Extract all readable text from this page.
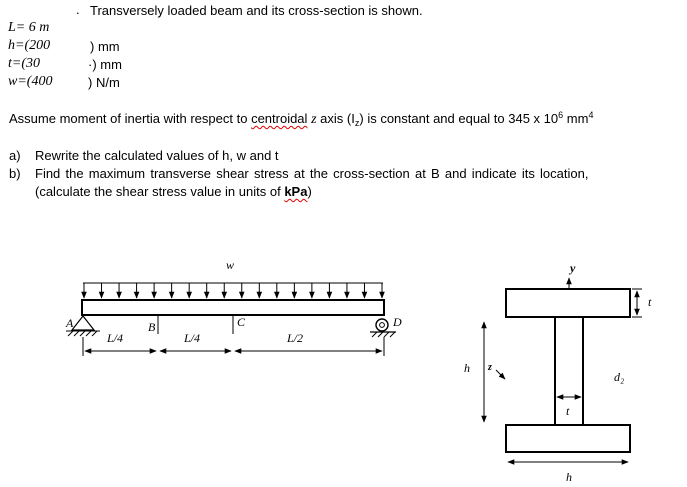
. Transversely loaded beam and its cross-section is shown.
L= 6 m
h=(200	) mm
t=(30	·) mm
w=(400	) N/m
Assume moment of inertia with respect to centroidal z axis $(I_z)$ is constant and equal to 345 x $10^6$ $mm^4$
a) Rewrite the calculated values of h, w and t
b) Find the maximum transverse shear stress at the cross-section at B and indicate its location,
(calculate the shear stress value in units of kPa)
w
A	B	C	D
L/4	L/4	L/2
y
z
t
t
h
h
d₂
